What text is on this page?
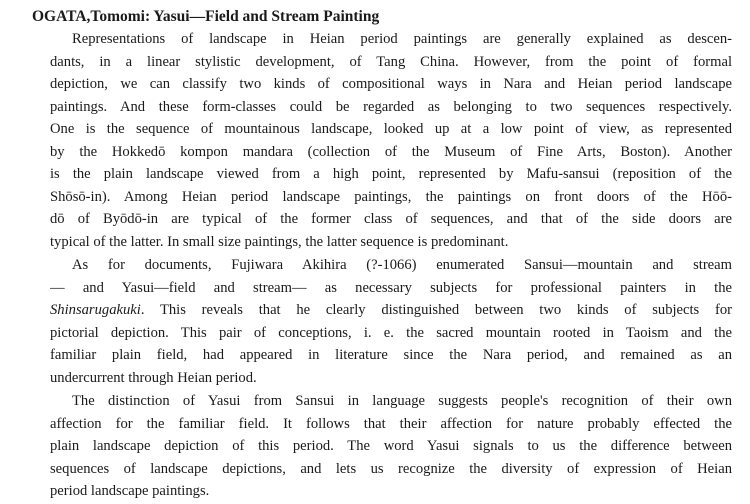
OGATA,Tomomi: Yasui—Field and Stream Painting

Representations of landscape in Heian period paintings are generally explained as descen-
dants, in a linear stylistic development, of Tang China. However, from the point of formal
depiction, we can classify two kinds of compositional ways in Nara and Heian period landscape
paintings. And these form-classes could be regarded as belonging to two sequences respectively.
One is the sequence of mountainous landscape, looked up at a low point of view, as represented
by the Hokkedō kompon mandara (collection of the Museum of Fine Arts, Boston). Another
is the plain landscape viewed from a high point, represented by Mafu-sansui (reposition of the
Shōsō-in). Among Heian period landscape paintings, the paintings on front doors of the Hōō-
dō of Byōdō-in are typical of the former class of sequences, and that of the side doors are
typical of the latter. In small size paintings, the latter sequence is predominant.

As for documents, Fujiwara Akihira (?-1066) enumerated Sansui—mountain and stream
— and Yasui—field and stream— as necessary subjects for professional painters in the
Shinsarugakuki. This reveals that he clearly distinguished between two kinds of subjects for
pictorial depiction. This pair of conceptions, i. e. the sacred mountain rooted in Taoism and the
familiar plain field, had appeared in literature since the Nara period, and remained as an
undercurrent through Heian period.

The distinction of Yasui from Sansui in language suggests people's recognition of their own
affection for the familiar field. It follows that their affection for nature probably effected the
plain landscape depiction of this period. The word Yasui signals to us the difference between
sequences of landscape depictions, and lets us recognize the diversity of expression of Heian
period landscape paintings.
